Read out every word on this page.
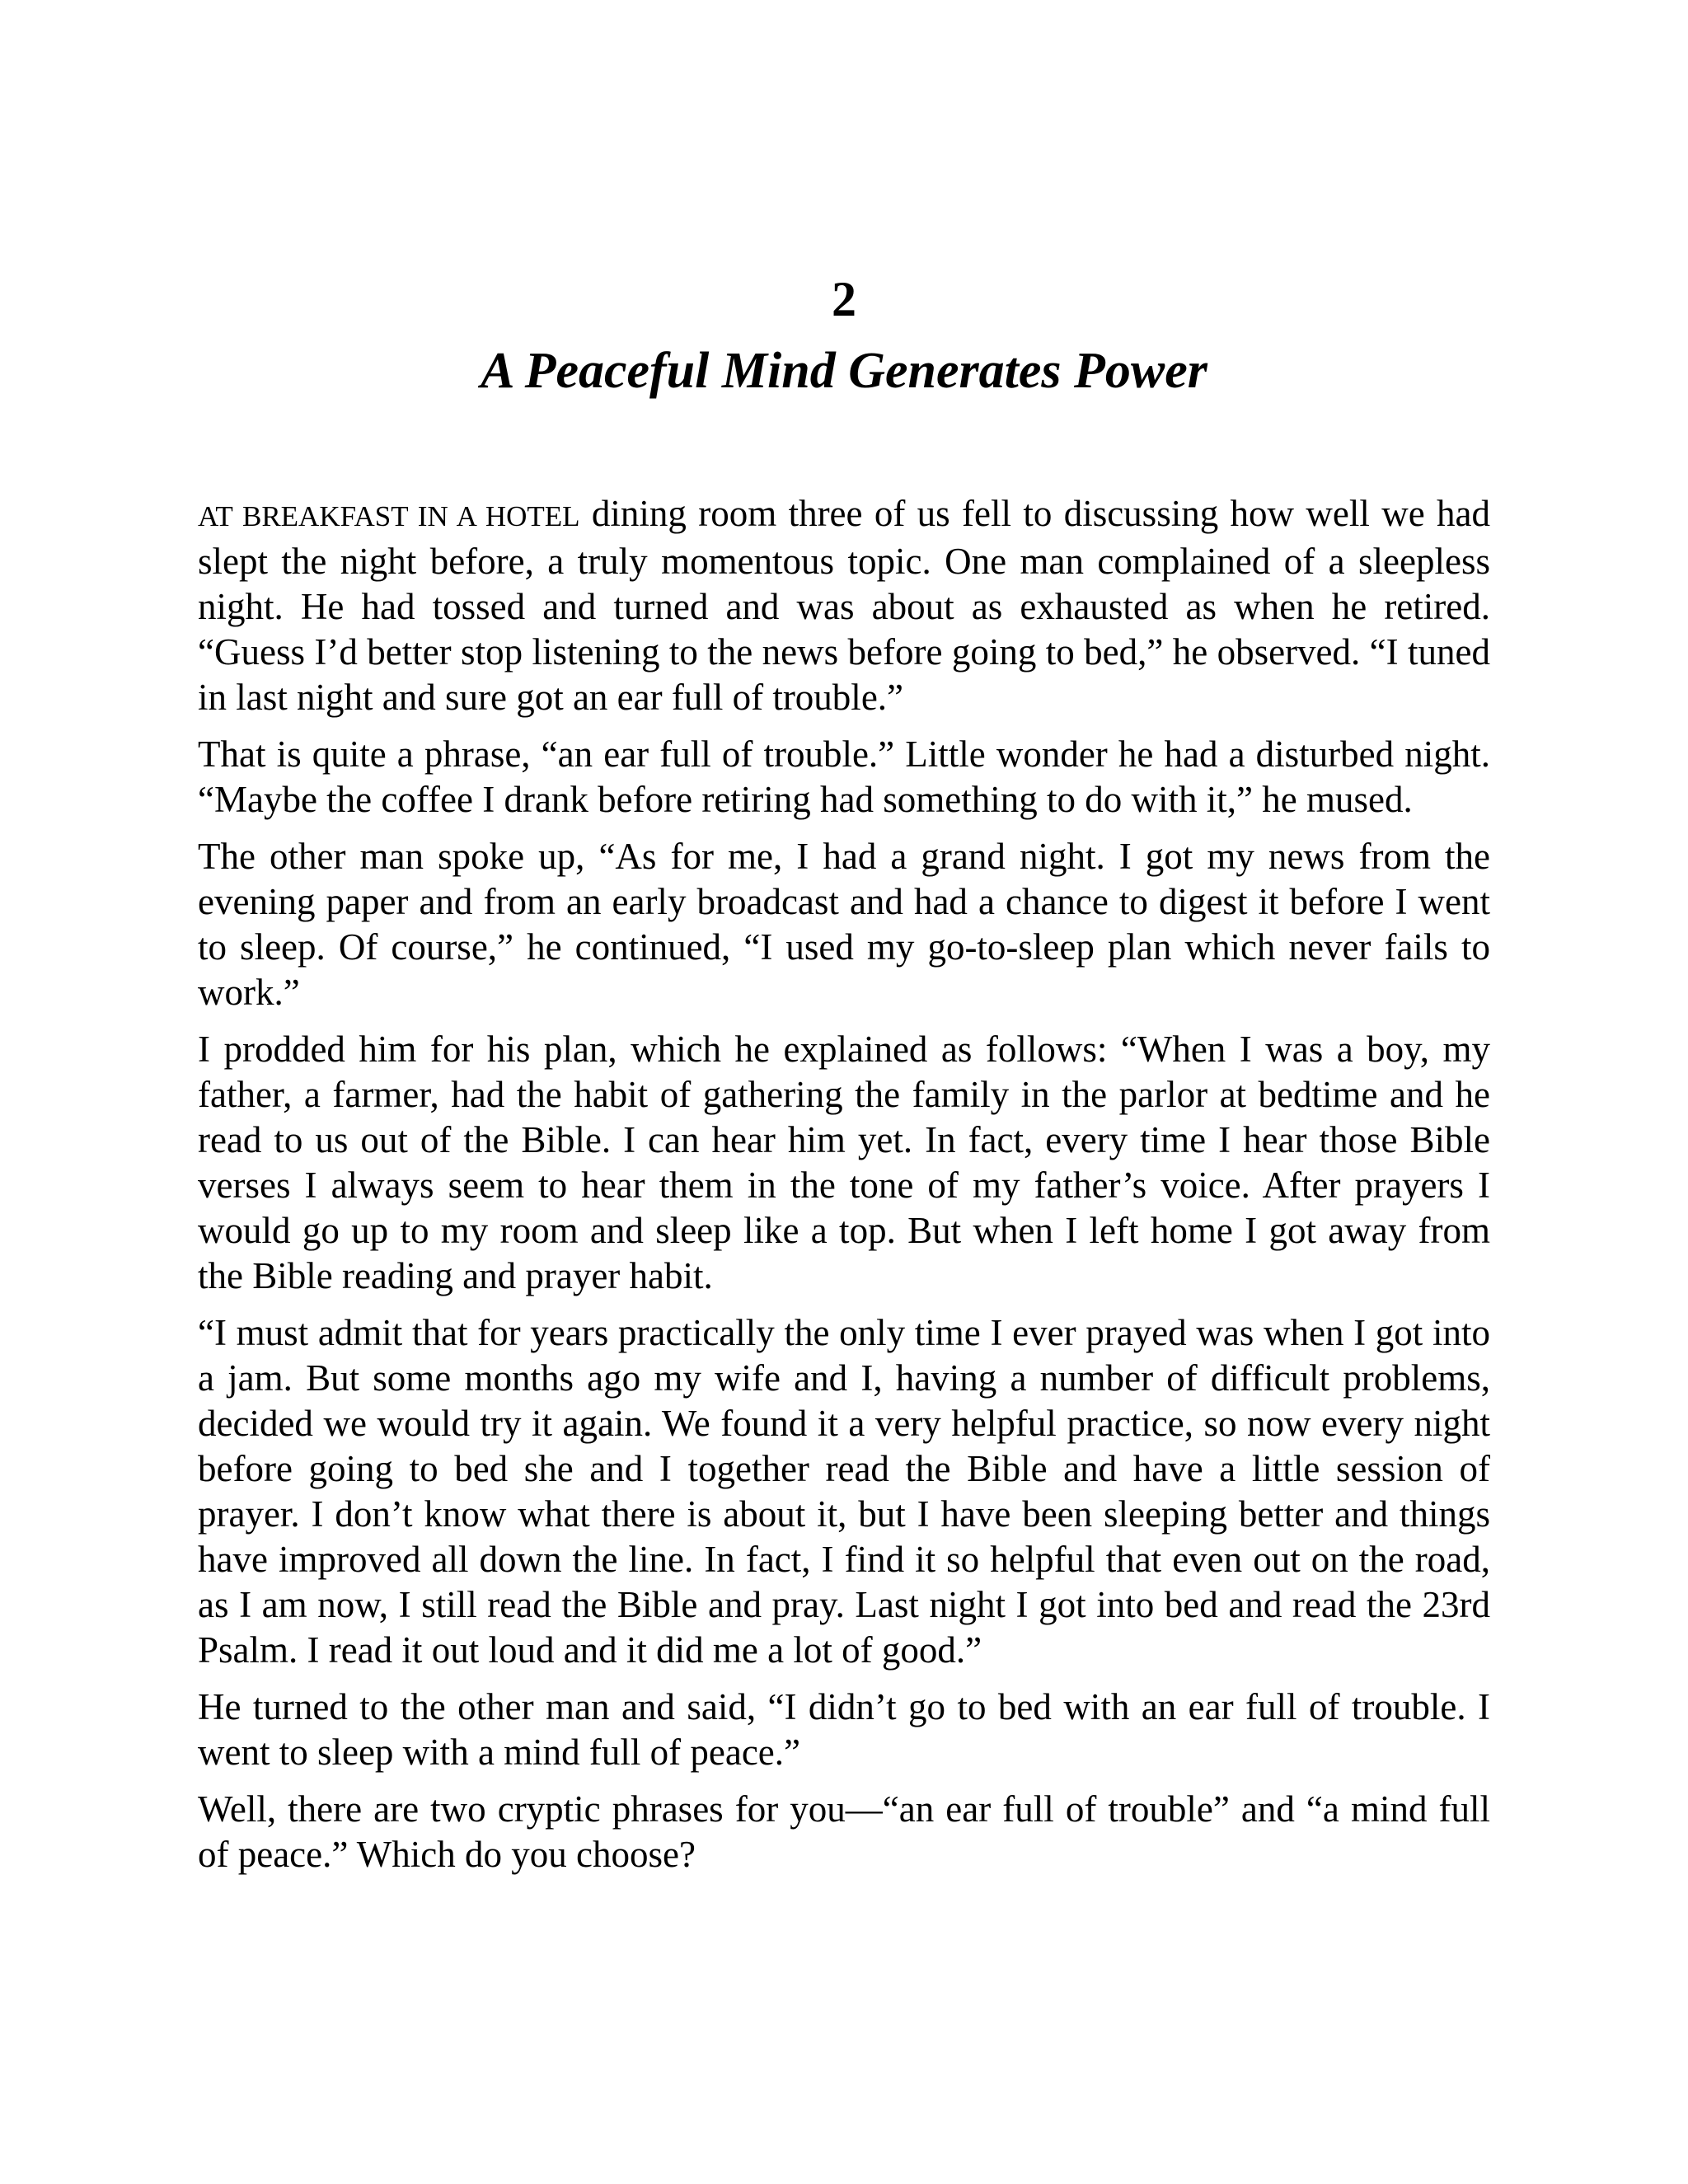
2
A Peaceful Mind Generates Power

AT BREAKFAST IN A HOTEL dining room three of us fell to discussing how well we had slept the night before, a truly momentous topic. One man complained of a sleepless night. He had tossed and turned and was about as exhausted as when he retired. “Guess I’d better stop listening to the news before going to bed,” he observed. “I tuned in last night and sure got an ear full of trouble.”

That is quite a phrase, “an ear full of trouble.” Little wonder he had a disturbed night. “Maybe the coffee I drank before retiring had something to do with it,” he mused.

The other man spoke up, “As for me, I had a grand night. I got my news from the evening paper and from an early broadcast and had a chance to digest it before I went to sleep. Of course,” he continued, “I used my go-to-sleep plan which never fails to work.”

I prodded him for his plan, which he explained as follows: “When I was a boy, my father, a farmer, had the habit of gathering the family in the parlor at bedtime and he read to us out of the Bible. I can hear him yet. In fact, every time I hear those Bible verses I always seem to hear them in the tone of my father’s voice. After prayers I would go up to my room and sleep like a top. But when I left home I got away from the Bible reading and prayer habit.

“I must admit that for years practically the only time I ever prayed was when I got into a jam. But some months ago my wife and I, having a number of difficult problems, decided we would try it again. We found it a very helpful practice, so now every night before going to bed she and I together read the Bible and have a little session of prayer. I don’t know what there is about it, but I have been sleeping better and things have improved all down the line. In fact, I find it so helpful that even out on the road, as I am now, I still read the Bible and pray. Last night I got into bed and read the 23rd Psalm. I read it out loud and it did me a lot of good.”

He turned to the other man and said, “I didn’t go to bed with an ear full of trouble. I went to sleep with a mind full of peace.”

Well, there are two cryptic phrases for you—“an ear full of trouble” and “a mind full of peace.” Which do you choose?
